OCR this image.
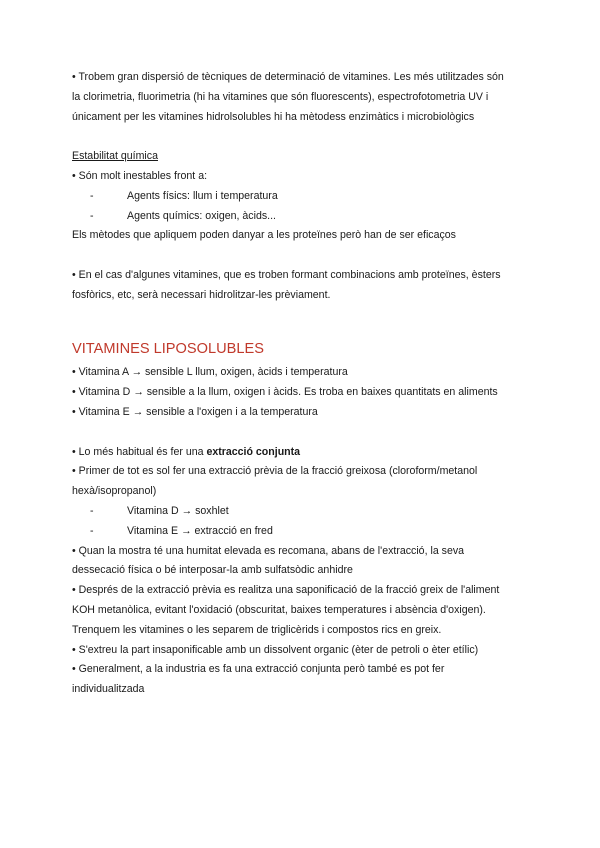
• Trobem gran dispersió de tècniques de determinació de vitamines. Les més utilitzades són
la clorimetria, fluorimetria (hi ha vitamines que són fluorescents), espectrofotometria UV i
únicament per les vitamines hidrolsolubles hi ha mètodess enzimàtics i microbiològics
Estabilitat química
• Són molt inestables front a:
-	Agents físics: llum i temperatura
-	Agents químics: oxigen, àcids...
Els mètodes que apliquem poden danyar a les proteïnes però han de ser eficaços
• En el cas d'algunes vitamines, que es troben formant combinacions amb proteïnes, èsters
fosfòrics, etc, serà necessari hidrolitzar-les prèviament.
VITAMINES LIPOSOLUBLES
• Vitamina A → sensible L llum, oxigen, àcids i temperatura
• Vitamina D → sensible a la llum, oxigen i àcids. Es troba en baixes quantitats en aliments
• Vitamina E → sensible a l'oxigen i a la temperatura
• Lo més habitual és fer una extracció conjunta
• Primer de tot es sol fer una extracció prèvia de la fracció greixosa (cloroform/metanol
hexà/isopropanol)
-	Vitamina D → soxhlet
-	Vitamina E → extracció en fred
• Quan la mostra té una humitat elevada es recomana, abans de l'extracció, la seva
dessecació física o bé interposar-la amb sulfatsòdic anhidre
• Després de la extracció prèvia es realitza una saponificació de la fracció greix de l'aliment
KOH metanòlica, evitant l'oxidació (obscuritat, baixes temperatures i absència d'oxigen).
Trenquem les vitamines o les separem de triglicèrids i compostos rics en greix.
• S'extreu la part insaponificable amb un dissolvent organic (èter de petroli o èter etílic)
• Generalment, a la industria es fa una extracció conjunta però també es pot fer
individualitzada
